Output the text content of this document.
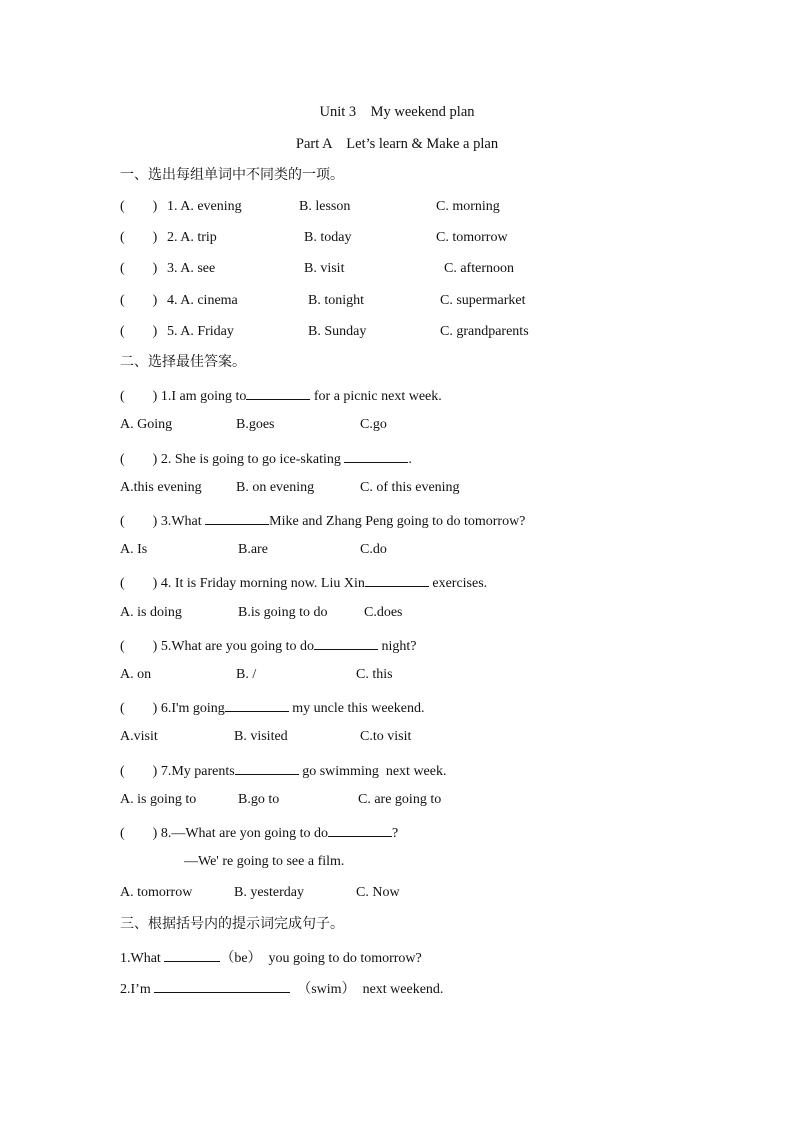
Unit 3    My weekend plan
Part A    Let’s learn & Make a plan
一、选出每组单词中不同类的一项。
(        ) 1. A. evening	B. lesson	C. morning
(        ) 2. A. trip	B. today	C. tomorrow
(        ) 3. A. see	B. visit	C. afternoon
(        ) 4. A. cinema	B. tonight	C. supermarket
(        ) 5. A. Friday	B. Sunday	C. grandparents
二、选择最佳答案。
(        ) 1.I am going to	for a picnic next week.
A. Going	B.goes	C.go
(        ) 2. She is going to go ice-skating	.
A.this evening B. on evening	C. of this evening
(        ) 3.What	Mike and Zhang Peng going to do tomorrow?
A. Is	B.are	C.do
(        ) 4. It is Friday morning now. Liu Xin	exercises.
A. is doing	B.is going to do	C.does
(        ) 5.What are you going to do	night?
A. on	B. /	C. this
(        ) 6.I'm going	my uncle this weekend.
A.visit	B. visited	C.to visit
(        ) 7.My parents	go swimming  next week.
A. is going to	B.go to	C. are going to
(        ) 8.—What are yon going to do	?
—We' re going to see a film.
A. tomorrow	B. yesterday	C. Now
三、根据括号内的提示词完成句子。
1.What	（be）  you going to do tomorrow?
2.I’m	（swim）  next weekend.
